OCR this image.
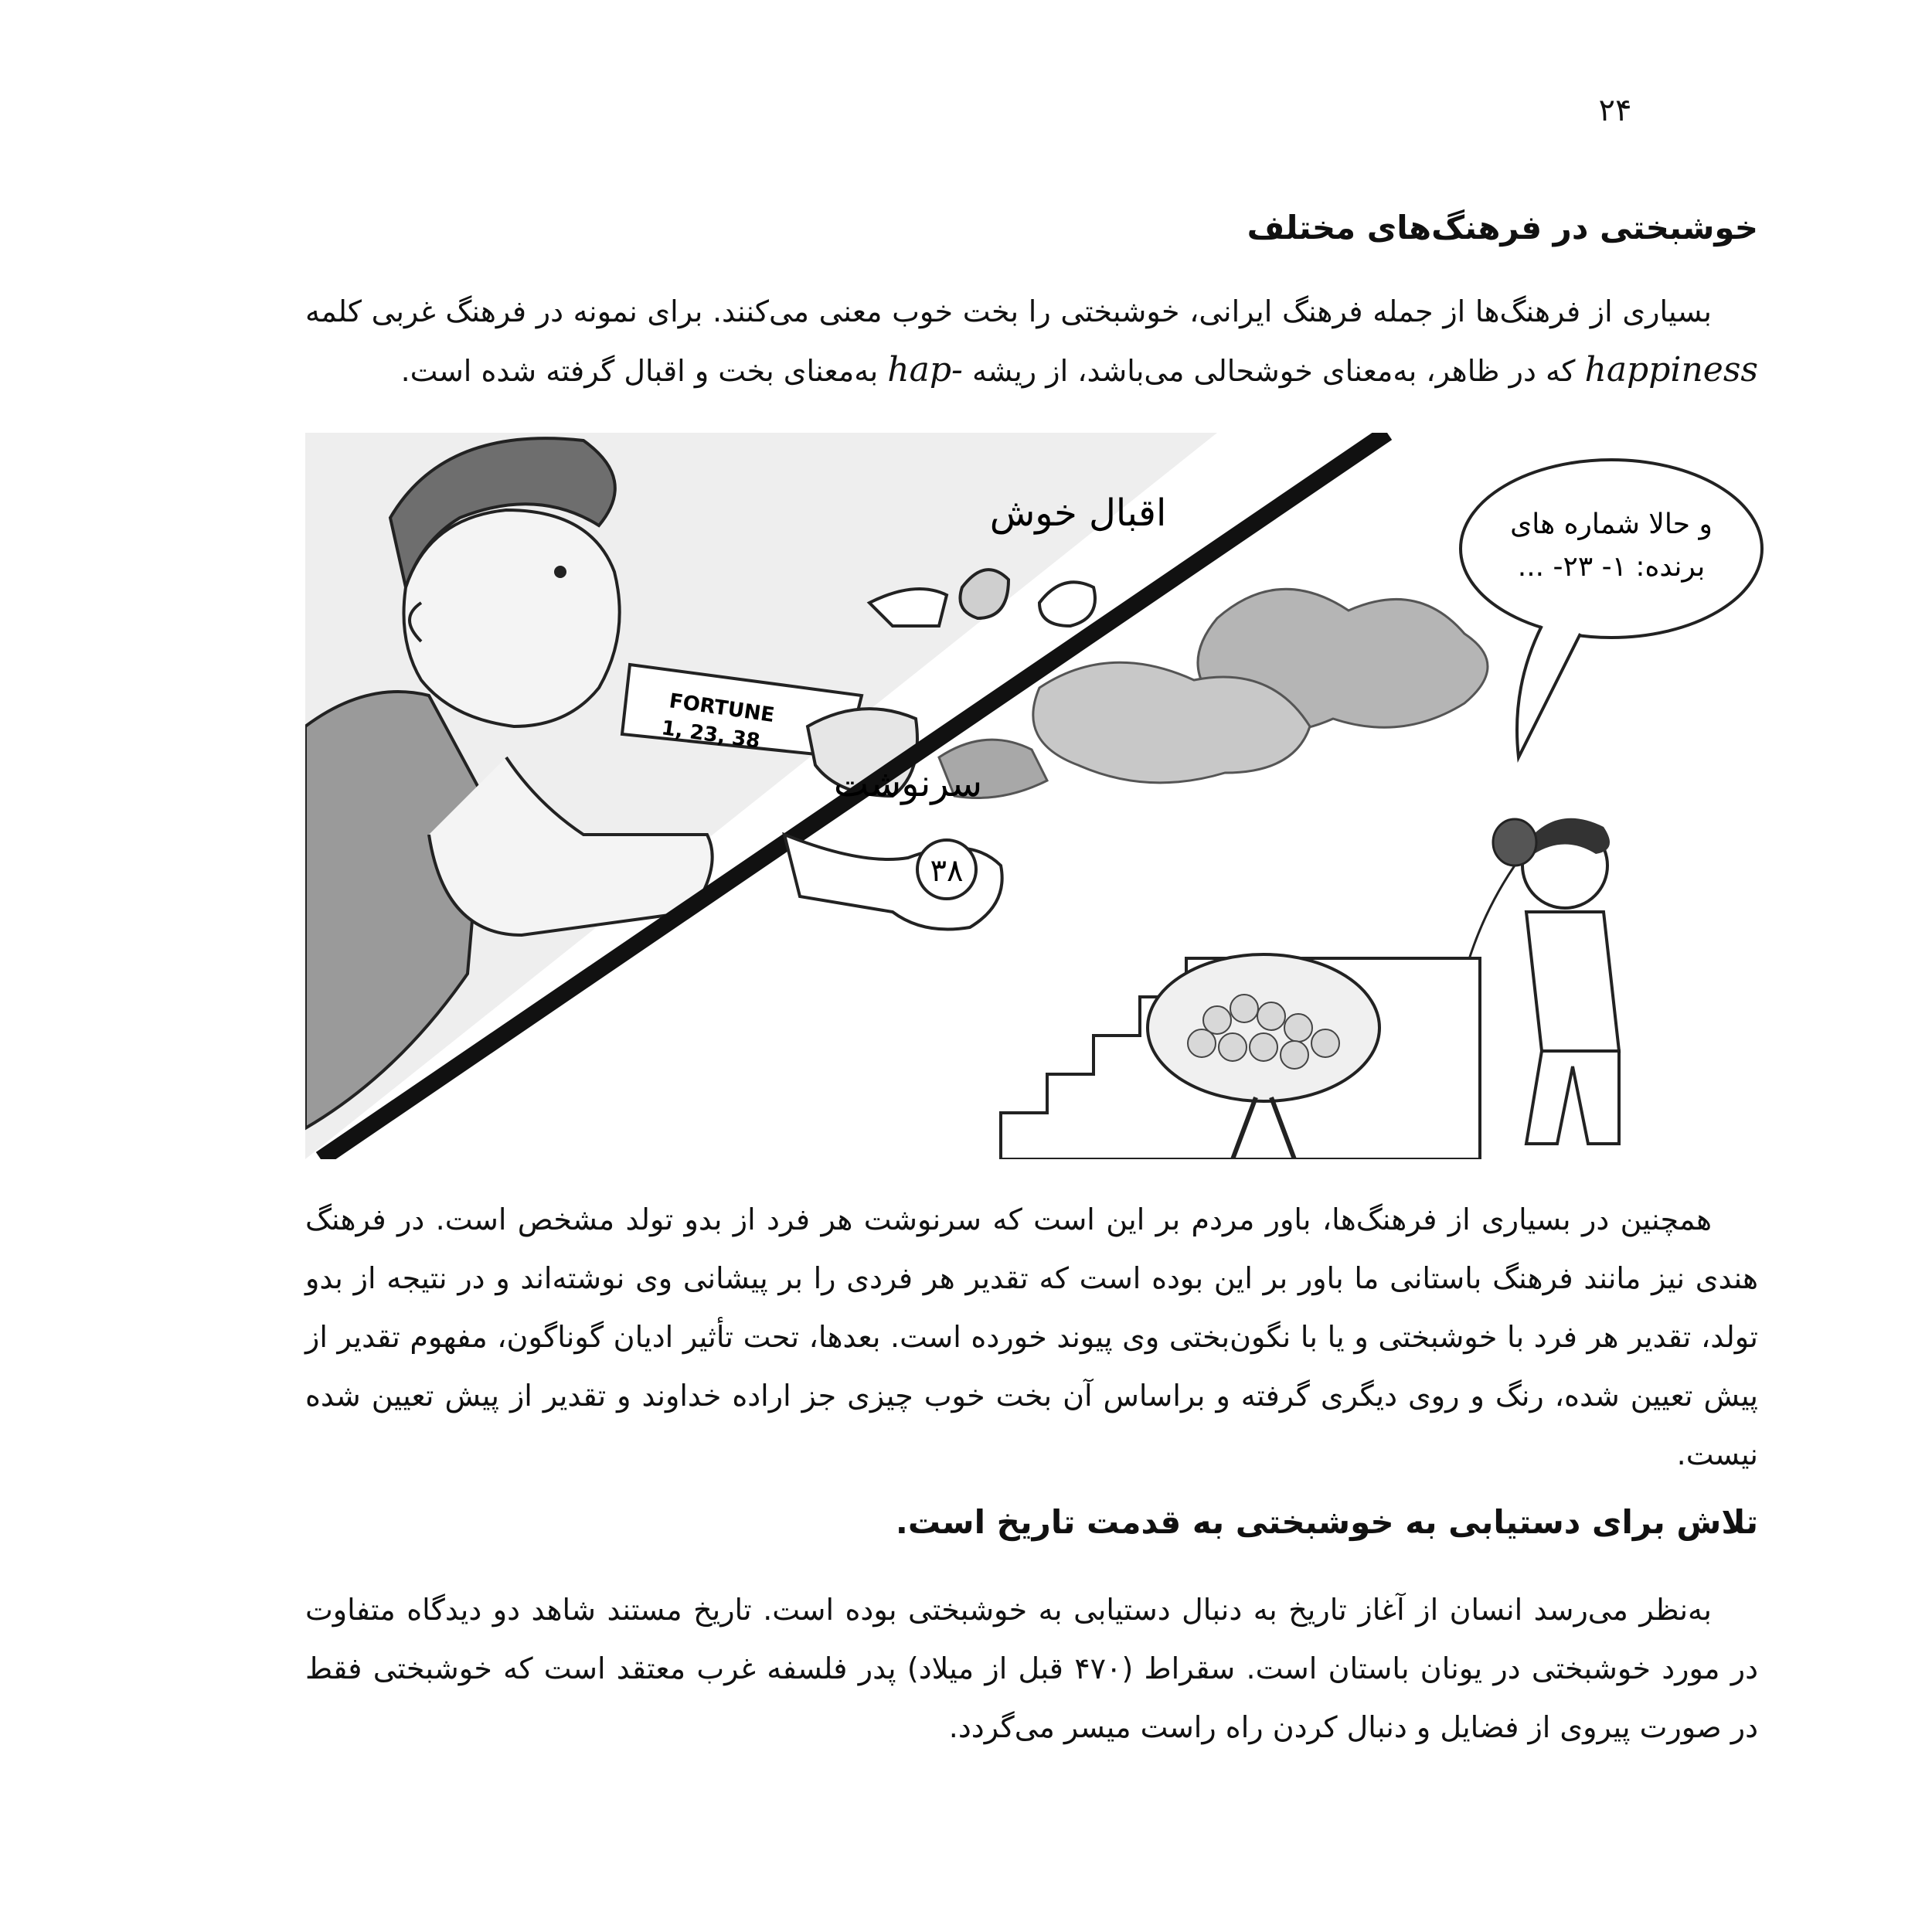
۲۴
خوشبختی در فرهنگ‌های مختلف

بسیاری از فرهنگ‌ها از جمله فرهنگ ایرانی، خوشبختی را بخت خوب معنی می‌کنند. برای نمونه در فرهنگ غربی کلمه happiness که در ظاهر، به‌معنای خوشحالی می‌باشد، از ریشه hap- به‌معنای بخت و اقبال گرفته شده است.

FORTUNE
1, 23, 38
اقبال خوش
سرنوشت
۳۸
و حالا شماره های
برنده: ۱- ۲۳- ...

همچنین در بسیاری از فرهنگ‌ها، باور مردم بر این است که سرنوشت هر فرد از بدو تولد مشخص است. در فرهنگ هندی نیز مانند فرهنگ باستانی ما باور بر این بوده است که تقدیر هر فردی را بر پیشانی وی نوشته‌اند و در نتیجه از بدو تولد، تقدیر هر فرد با خوشبختی و یا با نگون‌بختی وی پیوند خورده است. بعدها، تحت تأثیر ادیان گوناگون، مفهوم تقدیر از پیش تعیین شده، رنگ و روی دیگری گرفته و براساس آن بخت خوب چیزی جز اراده خداوند و تقدیر از پیش تعیین شده نیست.

تلاش برای دستیابی به خوشبختی به قدمت تاریخ است.

به‌نظر می‌رسد انسان از آغاز تاریخ به دنبال دستیابی به خوشبختی بوده است. تاریخ مستند شاهد دو دیدگاه متفاوت در مورد خوشبختی در یونان باستان است. سقراط (۴۷۰ قبل از میلاد) پدر فلسفه غرب معتقد است که خوشبختی فقط در صورت پیروی از فضایل و دنبال کردن راه راست میسر می‌گردد.
